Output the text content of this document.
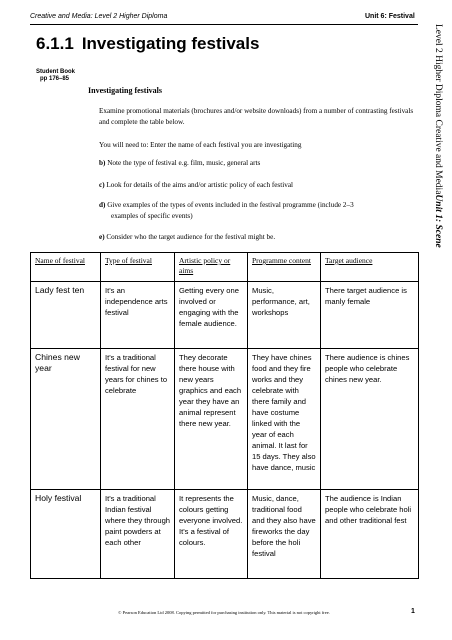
Creative and Media: Level 2 Higher Diploma	Unit 6: Festival
6.1.1 Investigating festivals
Student Book
pp 176–85	Level 2 Higher Diploma Creative and MediaUnit 1: Scene
Investigating festivals
Examine promotional materials (brochures and/or website downloads) from a number of contrasting festivals and complete the table below.
You will need to: Enter the name of each festival you are investigating
b) Note the type of festival e.g. film, music, general arts
c) Look for details of the aims and/or artistic policy of each festival
d) Give examples of the types of events included in the festival programme (include 2–3
examples of specific events)
e) Consider who the target audience for the festival might be.
Name of festival	Type of festival	Artistic policy or aims	Programme content	Target audience
Lady fest ten	It's an independence arts festival	Getting every one involved or engaging with the female audience.	Music, performance, art, workshops	There target audience is manly female
Chines new year	It's a traditional festival for new years for chines to celebrate	They decorate there house with new years graphics and each year they have an animal represent there new year.	They have chines food and they fire works and they celebrate with there family and have costume linked with the year of each animal. It last for 15 days. They also have dance, music	There audience is chines people who celebrate chines new year.
Holy festival	It's a traditional Indian festival where they through paint powders at each other	It represents the colours getting everyone involved. It's a festival of colours.	Music, dance, traditional food and they also have fireworks the day before the holi festival	The audience is Indian people who celebrate holi and other traditional fest
© Pearson Education Ltd 2008. Copying permitted for purchasing institution only. This material is not copyright free.	1
